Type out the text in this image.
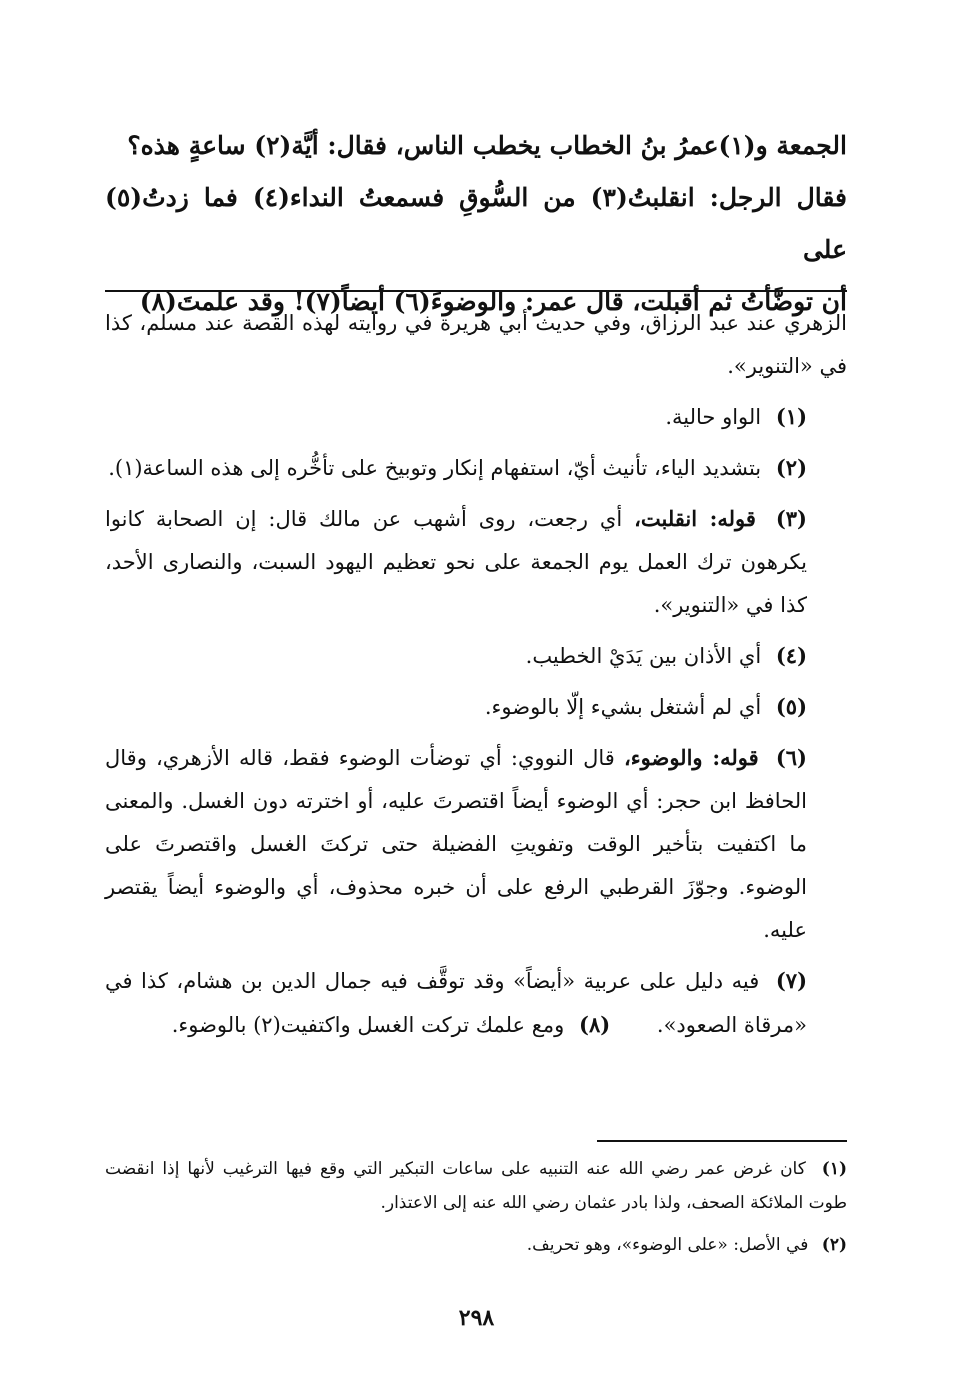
الجمعة و(١)عمرُ بنُ الخطاب يخطب الناس، فقال: أيَّة(٢) ساعةٍ هذه؟

فقال الرجل: انقلبتُ(٣) من السُّوقِ فسمعتُ النداء(٤) فما زدتُ(٥) على

أن توضَّأتُ ثم أقبلت، قال عمر: والوضوءَ(٦) أيضاً(٧)! وقد علمتَ(٨)

الزهري عند عبد الرزاق، وفي حديث أبي هريرة في روايته لهذه القصة عند مسلم، كذا في «التنوير».

(١) الواو حالية.

(٢) بتشديد الياء، تأنيث أيّ، استفهام إنكار وتوبيخ على تأخُّره إلى هذه الساعة(١).

(٣) قوله: انقلبت، أي رجعت، روى أشهب عن مالك قال: إن الصحابة كانوا يكرهون ترك العمل يوم الجمعة على نحو تعظيم اليهود السبت، والنصارى الأحد، كذا في «التنوير».

(٤) أي الأذان بين يَدَيْ الخطيب.

(٥) أي لم أشتغل بشيء إلّا بالوضوء.

(٦) قوله: والوضوء، قال النووي: أي توضأت الوضوء فقط، قاله الأزهري، وقال الحافظ ابن حجر: أي الوضوء أيضاً اقتصرتَ عليه، أو اخترته دون الغسل. والمعنى ما اكتفيت بتأخير الوقت وتفويتِ الفضيلة حتى تركتَ الغسل واقتصرتَ على الوضوء. وجوّزَ القرطبي الرفع على أن خبره محذوف، أي والوضوء أيضاً يقتصر عليه.

(٧) فيه دليل على عربية «أيضاً» وقد توقَّف فيه جمال الدين بن هشام، كذا في «مرقاة الصعود».       (٨) ومع علمك تركت الغسل واكتفيت(٢) بالوضوء.

(١) كان غرض عمر رضي الله عنه التنبيه على ساعات التبكير التي وقع فيها الترغيب لأنها إذا انقضت طوت الملائكة الصحف، ولذا بادر عثمان رضي الله عنه إلى الاعتذار.

(٢) في الأصل: «على الوضوء»، وهو تحريف.

٢٩٨
